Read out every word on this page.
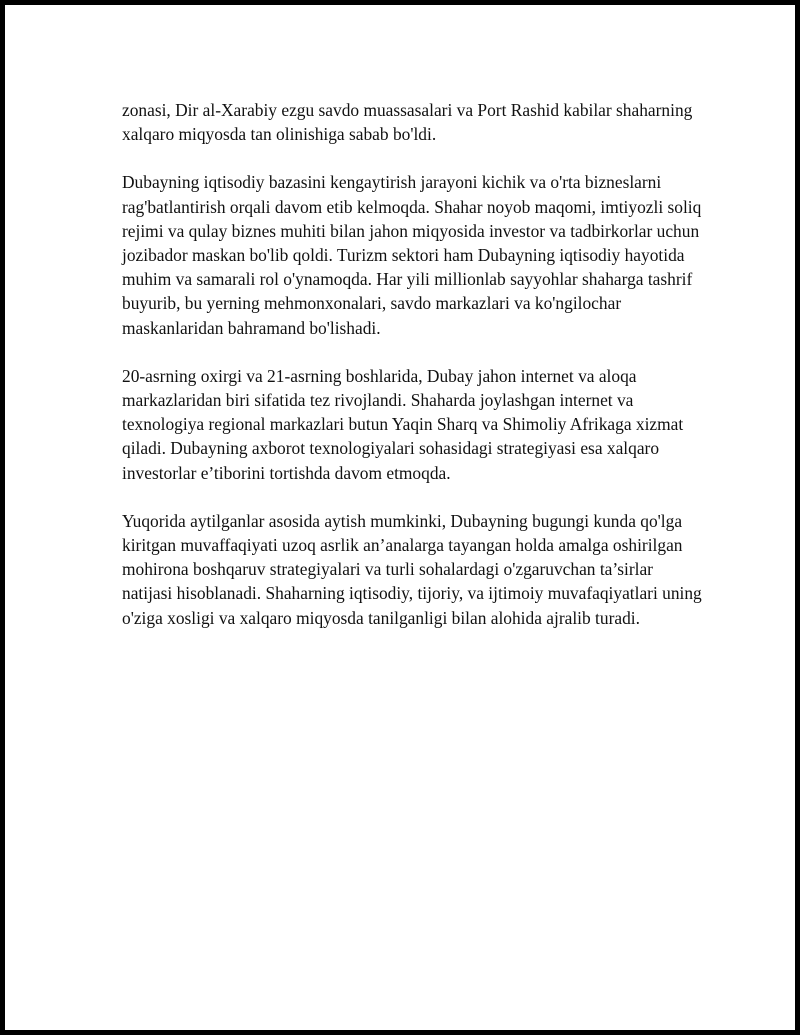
zonasi, Dir al-Xarabiy ezgu savdo muassasalari va Port Rashid kabilar shaharning xalqaro miqyosda tan olinishiga sabab bo'ldi.

Dubayning iqtisodiy bazasini kengaytirish jarayoni kichik va o'rta bizneslarni rag'batlantirish orqali davom etib kelmoqda. Shahar noyob maqomi, imtiyozli soliq rejimi va qulay biznes muhiti bilan jahon miqyosida investor va tadbirkorlar uchun jozibador maskan bo'lib qoldi. Turizm sektori ham Dubayning iqtisodiy hayotida muhim va samarali rol o'ynamoqda. Har yili millionlab sayyohlar shaharga tashrif buyurib, bu yerning mehmonxonalari, savdo markazlari va ko'ngilochar maskanlaridan bahramand bo'lishadi.

20-asrning oxirgi va 21-asrning boshlarida, Dubay jahon internet va aloqa markazlaridan biri sifatida tez rivojlandi. Shaharda joylashgan internet va texnologiya regional markazlari butun Yaqin Sharq va Shimoliy Afrikaga xizmat qiladi. Dubayning axborot texnologiyalari sohasidagi strategiyasi esa xalqaro investorlar e’tiborini tortishda davom etmoqda.

Yuqorida aytilganlar asosida aytish mumkinki, Dubayning bugungi kunda qo'lga kiritgan muvaffaqiyati uzoq asrlik an’analarga tayangan holda amalga oshirilgan mohirona boshqaruv strategiyalari va turli sohalardagi o'zgaruvchan ta’sirlar natijasi hisoblanadi. Shaharning iqtisodiy, tijoriy, va ijtimoiy muvafaqiyatlari uning o'ziga xosligi va xalqaro miqyosda tanilganligi bilan alohida ajralib turadi.
